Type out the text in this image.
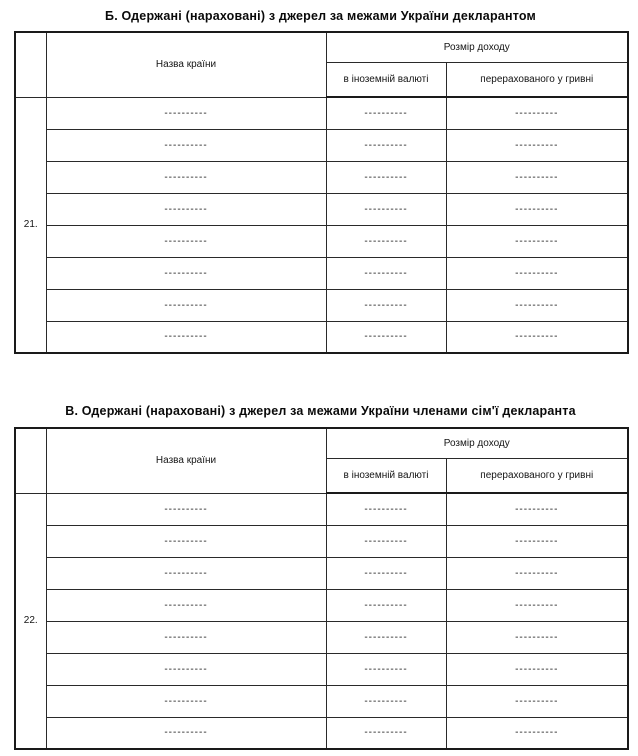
Б. Одержані (нараховані) з джерел за межами України декларантом
	Назва країни	Розмір доходу	
		в іноземній валюті	перерахованого у гривні
21.	----------	----------	----------
	----------	----------	----------
	----------	----------	----------
	----------	----------	----------
	----------	----------	----------
	----------	----------	----------
	----------	----------	----------
	----------	----------	----------
В. Одержані (нараховані) з джерел за межами України членами сім'ї декларанта
	Назва країни	Розмір доходу	
		в іноземній валюті	перерахованого у гривні
22.	----------	----------	----------
	----------	----------	----------
	----------	----------	----------
	----------	----------	----------
	----------	----------	----------
	----------	----------	----------
	----------	----------	----------
	----------	----------	----------
